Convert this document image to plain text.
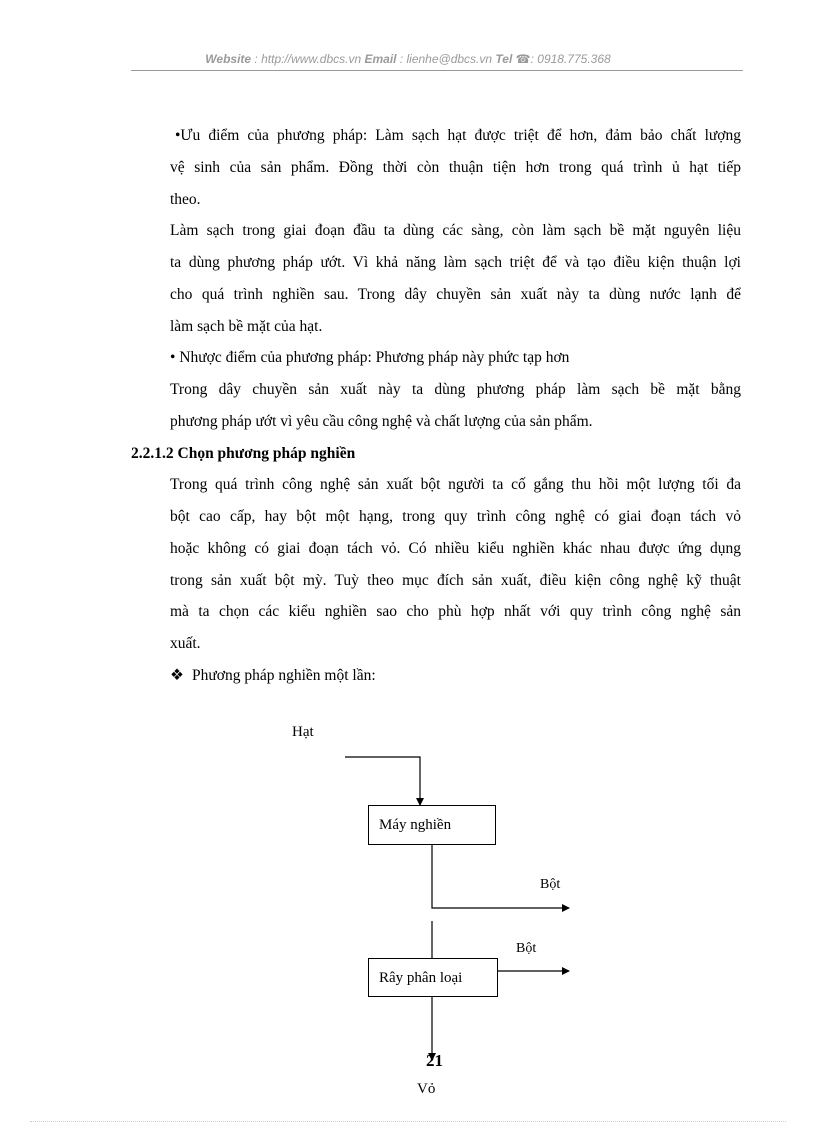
Website : http://www.dbcs.vn Email : lienhe@dbcs.vn Tel ☎: 0918.775.368
•Ưu điểm của phương pháp: Làm sạch hạt được triệt để hơn, đảm bảo chất lượng
vệ sinh của sản phẩm. Đồng thời còn thuận tiện hơn trong quá trình ủ hạt tiếp
theo.
Làm sạch trong giai đoạn đầu ta dùng các sàng, còn làm sạch bề mặt nguyên liệu
ta dùng phương pháp ướt. Vì khả năng làm sạch triệt để và tạo điều kiện thuận lợi
cho quá trình nghiền sau. Trong dây chuyền sản xuất này ta dùng nước lạnh để
làm sạch bề mặt của hạt.
• Nhược điểm của phương pháp: Phương pháp này phức tạp hơn
Trong dây chuyền sản xuất này ta dùng phương pháp làm sạch bề mặt bằng
phương pháp ướt vì yêu cầu công nghệ và chất lượng của sản phẩm.
2.2.1.2 Chọn phương pháp nghiền
Trong quá trình công nghệ sản xuất bột người ta cố gắng thu hồi một lượng tối đa
bột cao cấp, hay bột một hạng, trong quy trình công nghệ có giai đoạn tách vỏ
hoặc không có giai đoạn tách vỏ. Có nhiều kiểu nghiền khác nhau được ứng dụng
trong sản xuất bột mỳ. Tuỳ theo mục đích sản xuất, điều kiện công nghệ kỹ thuật
mà ta chọn các kiểu nghiền sao cho phù hợp nhất với quy trình công nghệ sản
xuất.
❖ Phương pháp nghiền một lần:
Hạt
Máy nghiền
Bột
Bột
Rây phân loại
21
Vỏ
